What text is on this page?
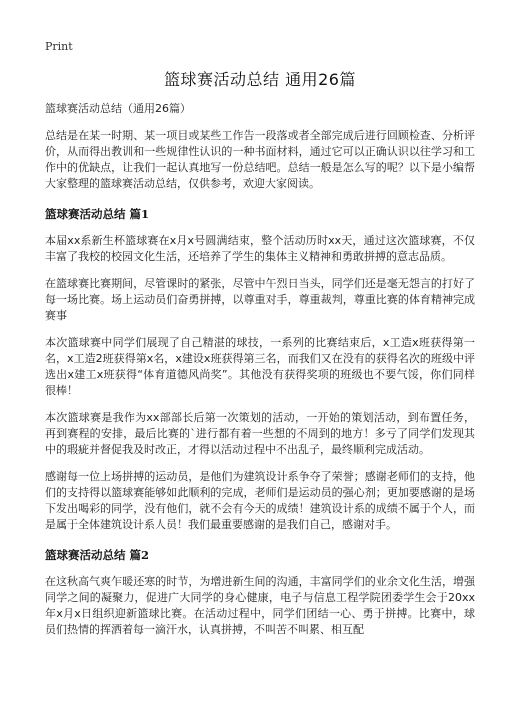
Print
篮球赛活动总结 通用26篇
篮球赛活动总结（通用26篇）

总结是在某一时期、某一项目或某些工作告一段落或者全部完成后进行回顾检查、分析评价，从而得出教训和一些规律性认识的一种书面材料，通过它可以正确认识以往学习和工作中的优缺点，让我们一起认真地写一份总结吧。总结一般是怎么写的呢？以下是小编帮大家整理的篮球赛活动总结，仅供参考，欢迎大家阅读。

篮球赛活动总结 篇1

本届xx系新生杯篮球赛在x月x号圆满结束，整个活动历时xx天，通过这次篮球赛，不仅丰富了我校的校园文化生活，还培养了学生的集体主义精神和勇敢拼搏的意志品质。

在篮球赛比赛期间，尽管课时的紧张，尽管中午烈日当头，同学们还是毫无怨言的打好了每一场比赛。场上运动员们奋勇拼搏，以尊重对手，尊重裁判，尊重比赛的体育精神完成赛事

本次篮球赛中同学们展现了自己精湛的球技，一系列的比赛结束后，x工造x班获得第一名，x工造2班获得第x名，x建设x班获得第三名，而我们又在没有的获得名次的班级中评选出x建工x班获得“体育道德风尚奖”。其他没有获得奖项的班级也不要气馁，你们同样很棒！

本次篮球赛是我作为xx部部长后第一次策划的活动，一开始的策划活动，到布置任务，再到赛程的安排，最后比赛的`进行都有着一些想的不周到的地方！多亏了同学们发现其中的瑕疵并督促我及时改正，才得以活动过程中不出乱子，最终顺利完成活动。

感谢每一位上场拼搏的运动员，是他们为建筑设计系争夺了荣誉；感谢老师们的支持，他们的支持得以篮球赛能够如此顺利的完成，老师们是运动员的强心剂；更加要感谢的是场下发出喝彩的同学，没有他们，就不会有今天的成绩！建筑设计系的成绩不属于个人，而是属于全体建筑设计系人员！我们最重要感谢的是我们自己，感谢对手。

篮球赛活动总结 篇2

在这秋高气爽乍暖还寒的时节，为增进新生间的沟通，丰富同学们的业余文化生活，增强同学之间的凝聚力，促进广大同学的身心健康，电子与信息工程学院团委学生会于20xx年x月x日组织迎新篮球比赛。在活动过程中，同学们团结一心、勇于拼搏。比赛中，球员们热情的挥洒着每一滴汗水，认真拼搏，不叫苦不叫累、相互配
